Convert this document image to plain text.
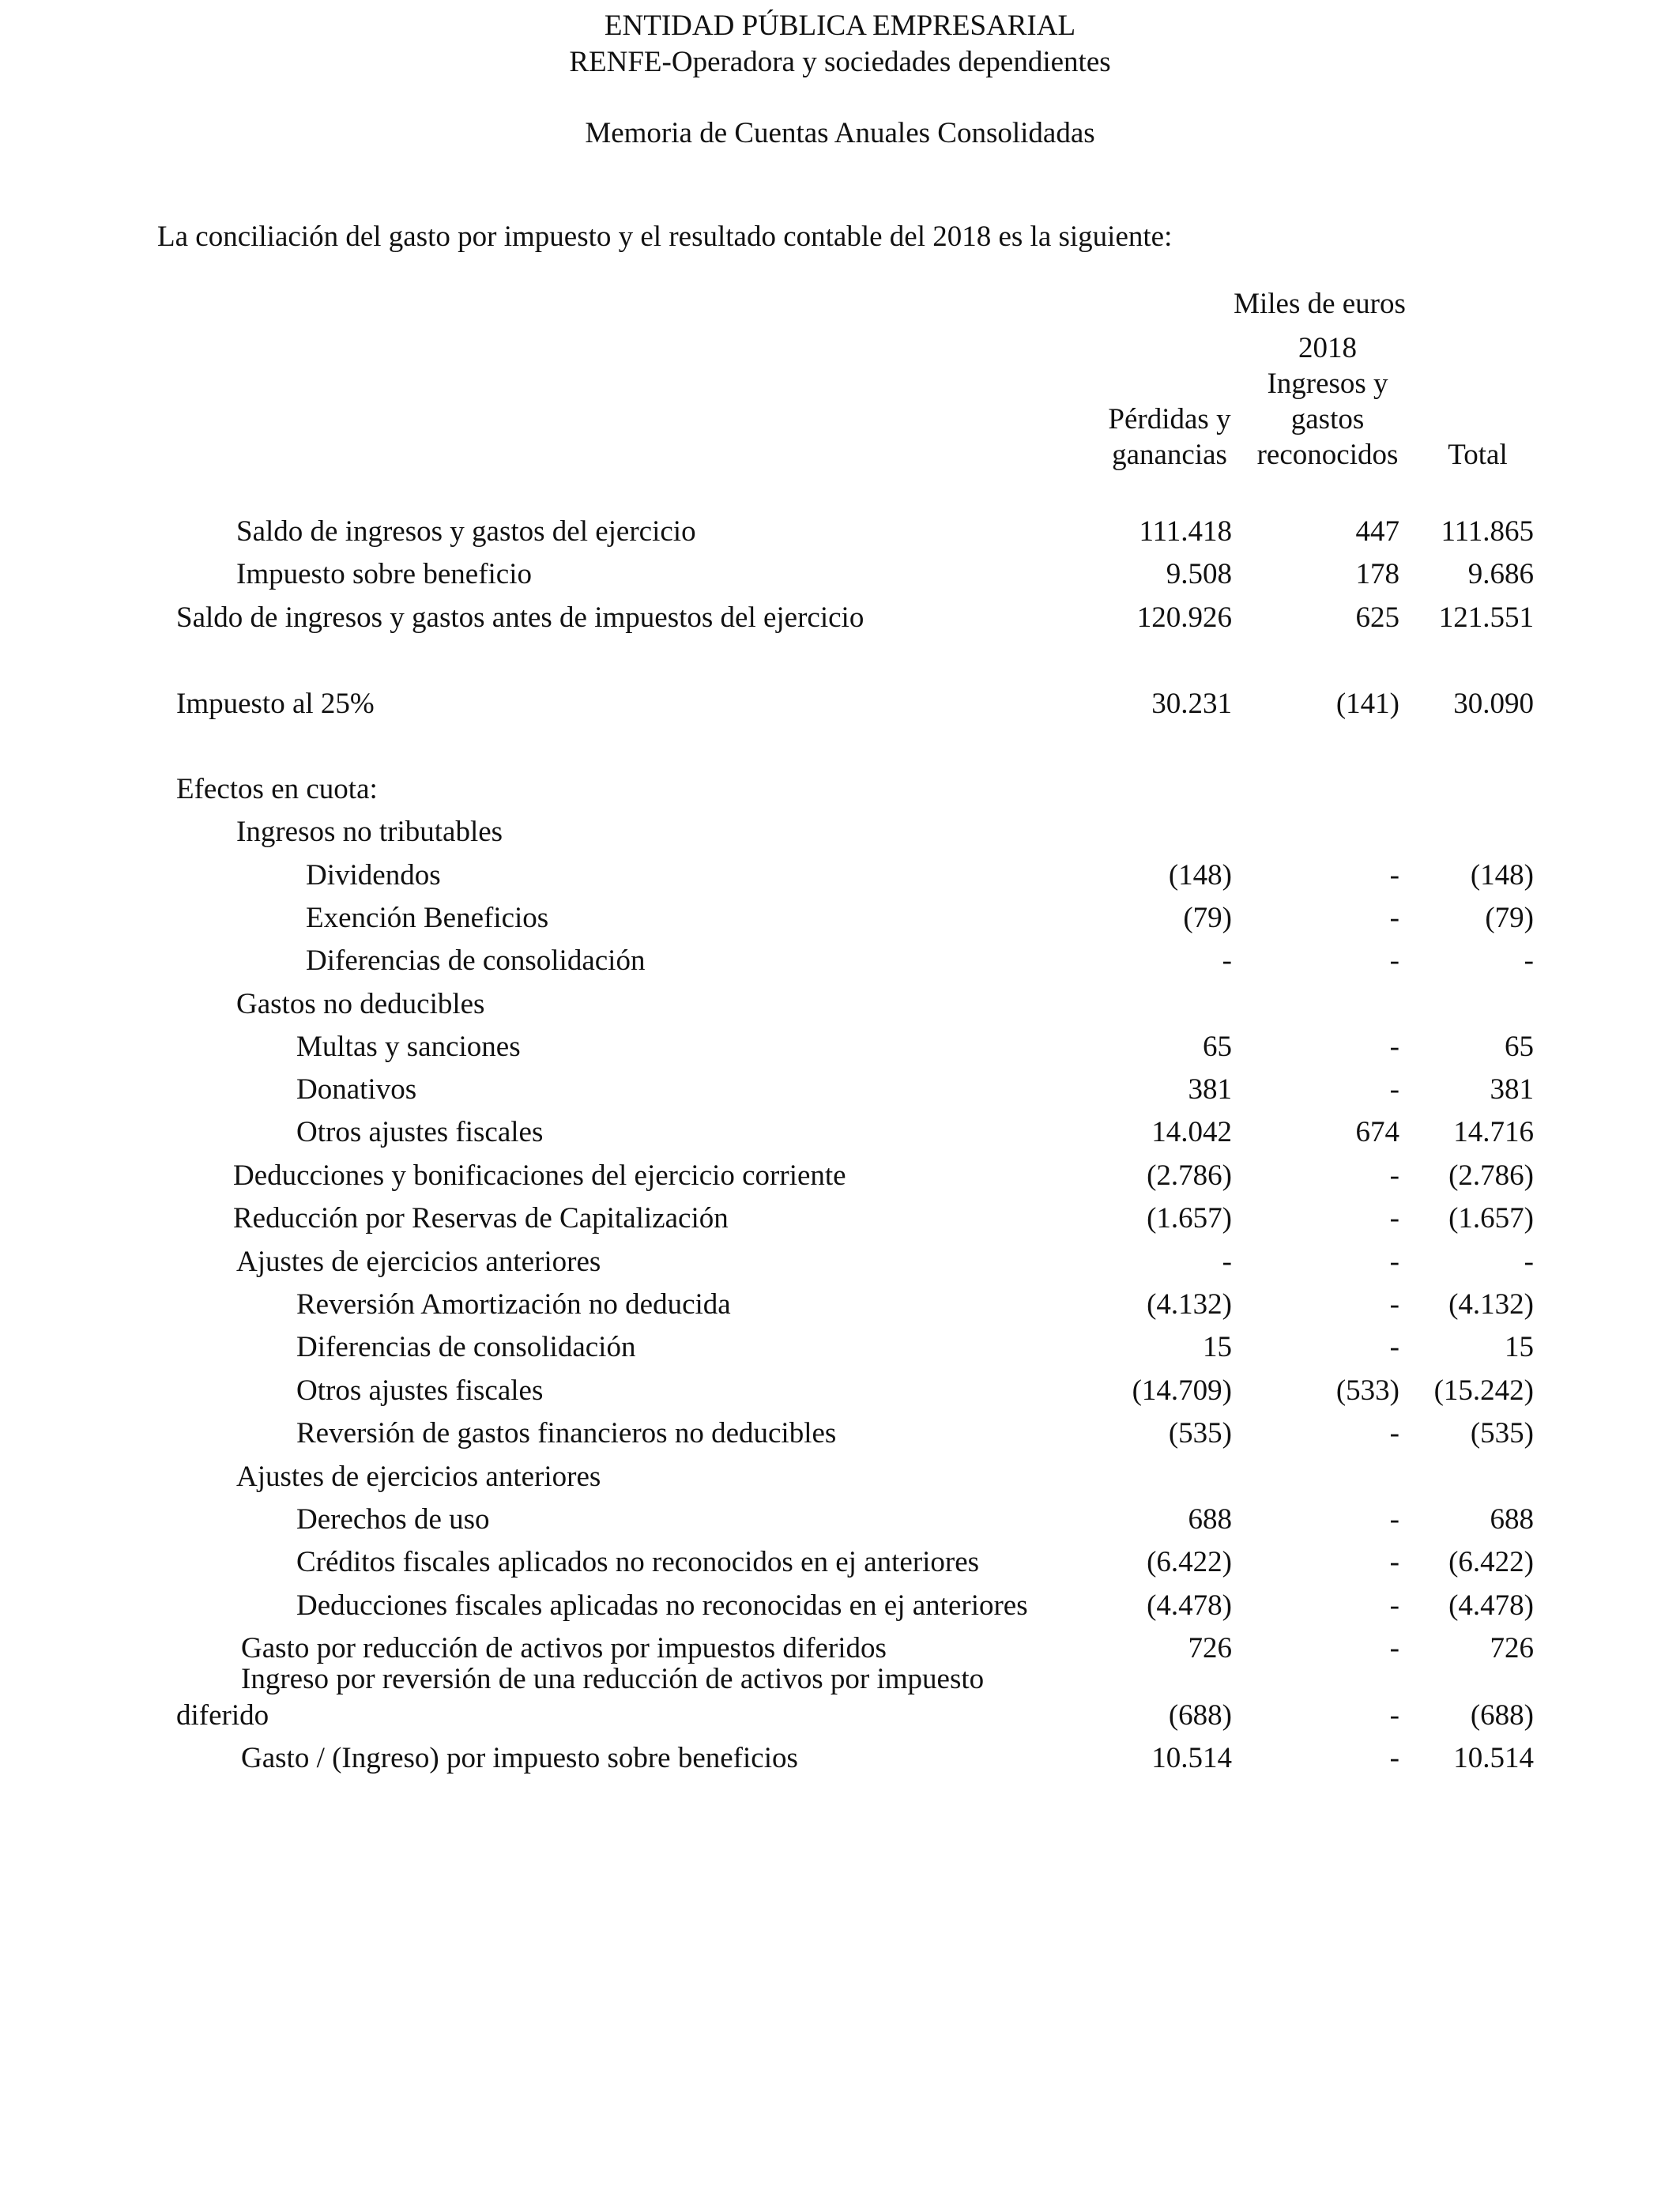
ENTIDAD PÚBLICA EMPRESARIAL
RENFE-Operadora y sociedades dependientes
Memoria de Cuentas Anuales Consolidadas
La conciliación del gasto por impuesto y el resultado contable del 2018 es la siguiente:
Miles de euros
2018
Pérdidas y
ganancias
Ingresos y
gastos
reconocidos	Total
Saldo de ingresos y gastos del ejercicio	111.418	447 111.865
Impuesto sobre beneficio	9.508	178 9.686
Saldo de ingresos y gastos antes de impuestos del ejercicio	120.926	625 121.551
Impuesto al 25%	30.231	(141) 30.090
Efectos en cuota:
Ingresos no tributables
Dividendos	(148)	- (148)
Exención Beneficios	(79)	-	(79)
Diferencias de consolidación	-	-	-
Gastos no deducibles
Multas y sanciones	65	-	65
Donativos	381	-	381
Otros ajustes fiscales	14.042	674 14.716
Deducciones y bonificaciones del ejercicio corriente	(2.786)	- (2.786)
Reducción por Reservas de Capitalización	(1.657)	- (1.657)
Ajustes de ejercicios anteriores	-	-	-
Reversión Amortización no deducida	(4.132)	- (4.132)
Diferencias de consolidación	15	-	15
Otros ajustes fiscales	(14.709)	(533) (15.242)
Reversión de gastos financieros no deducibles	(535)	- (535)
Ajustes de ejercicios anteriores
Derechos de uso	688	-	688
Créditos fiscales aplicados no reconocidos en ej anteriores	(6.422)	- (6.422)
Deducciones fiscales aplicadas no reconocidas en ej anteriores	(4.478)	- (4.478)
Gasto por reducción de activos por impuestos diferidos	726	-	726
Ingreso por reversión de una reducción de activos por impuesto
diferido	(688)	- (688)
Gasto / (Ingreso) por impuesto sobre beneficios	10.514	- 10.514
